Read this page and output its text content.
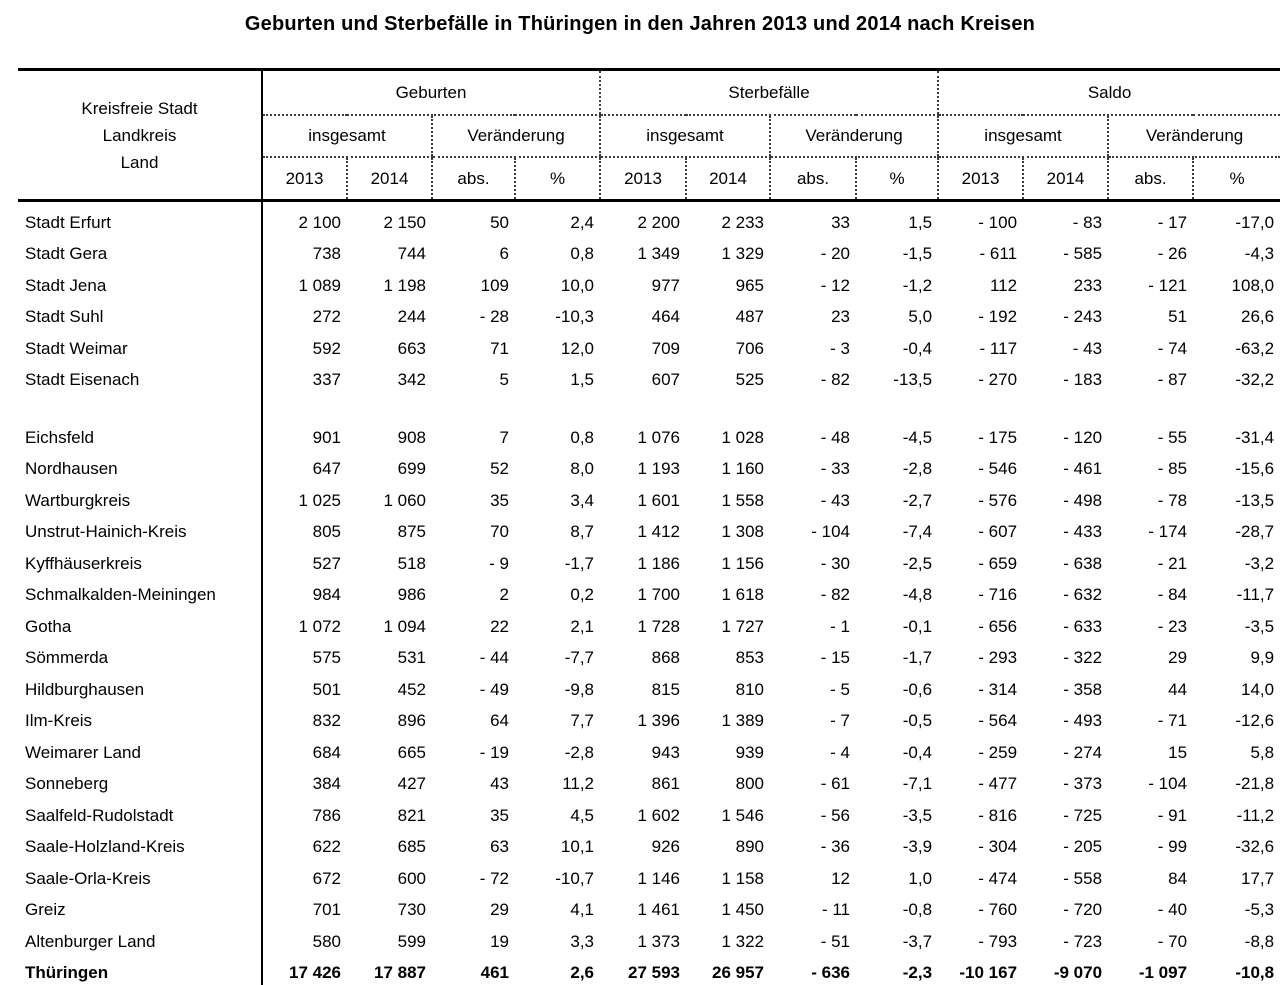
Geburten und Sterbefälle in Thüringen in den Jahren 2013 und 2014 nach Kreisen
Kreisfreie Stadt
Landkreis
Land	Geburten				Sterbefälle				Saldo			
	insgesamt		Veränderung		insgesamt		Veränderung		insgesamt		Veränderung	
	2013	2014	abs.	%	2013	2014	abs.	%	2013	2014	abs.	%
Stadt Erfurt	2 100	2 150	50	2,4	2 200	2 233	33	1,5	- 100	- 83	- 17	-17,0
Stadt Gera	738	744	6	0,8	1 349	1 329	- 20	-1,5	- 611	- 585	- 26	-4,3
Stadt Jena	1 089	1 198	109	10,0	977	965	- 12	-1,2	112	233	- 121	108,0
Stadt Suhl	272	244	- 28	-10,3	464	487	23	5,0	- 192	- 243	51	26,6
Stadt Weimar	592	663	71	12,0	709	706	- 3	-0,4	- 117	- 43	- 74	-63,2
Stadt Eisenach	337	342	5	1,5	607	525	- 82	-13,5	- 270	- 183	- 87	-32,2

Eichsfeld	901	908	7	0,8	1 076	1 028	- 48	-4,5	- 175	- 120	- 55	-31,4
Nordhausen	647	699	52	8,0	1 193	1 160	- 33	-2,8	- 546	- 461	- 85	-15,6
Wartburgkreis	1 025	1 060	35	3,4	1 601	1 558	- 43	-2,7	- 576	- 498	- 78	-13,5
Unstrut-Hainich-Kreis	805	875	70	8,7	1 412	1 308	- 104	-7,4	- 607	- 433	- 174	-28,7
Kyffhäuserkreis	527	518	- 9	-1,7	1 186	1 156	- 30	-2,5	- 659	- 638	- 21	-3,2
Schmalkalden-Meiningen	984	986	2	0,2	1 700	1 618	- 82	-4,8	- 716	- 632	- 84	-11,7
Gotha	1 072	1 094	22	2,1	1 728	1 727	- 1	-0,1	- 656	- 633	- 23	-3,5
Sömmerda	575	531	- 44	-7,7	868	853	- 15	-1,7	- 293	- 322	29	9,9
Hildburghausen	501	452	- 49	-9,8	815	810	- 5	-0,6	- 314	- 358	44	14,0
Ilm-Kreis	832	896	64	7,7	1 396	1 389	- 7	-0,5	- 564	- 493	- 71	-12,6
Weimarer Land	684	665	- 19	-2,8	943	939	- 4	-0,4	- 259	- 274	15	5,8
Sonneberg	384	427	43	11,2	861	800	- 61	-7,1	- 477	- 373	- 104	-21,8
Saalfeld-Rudolstadt	786	821	35	4,5	1 602	1 546	- 56	-3,5	- 816	- 725	- 91	-11,2
Saale-Holzland-Kreis	622	685	63	10,1	926	890	- 36	-3,9	- 304	- 205	- 99	-32,6
Saale-Orla-Kreis	672	600	- 72	-10,7	1 146	1 158	12	1,0	- 474	- 558	84	17,7
Greiz	701	730	29	4,1	1 461	1 450	- 11	-0,8	- 760	- 720	- 40	-5,3
Altenburger Land	580	599	19	3,3	1 373	1 322	- 51	-3,7	- 793	- 723	- 70	-8,8
Thüringen	17 426	17 887	461	2,6	27 593	26 957	- 636	-2,3	-10 167	-9 070	-1 097	-10,8
